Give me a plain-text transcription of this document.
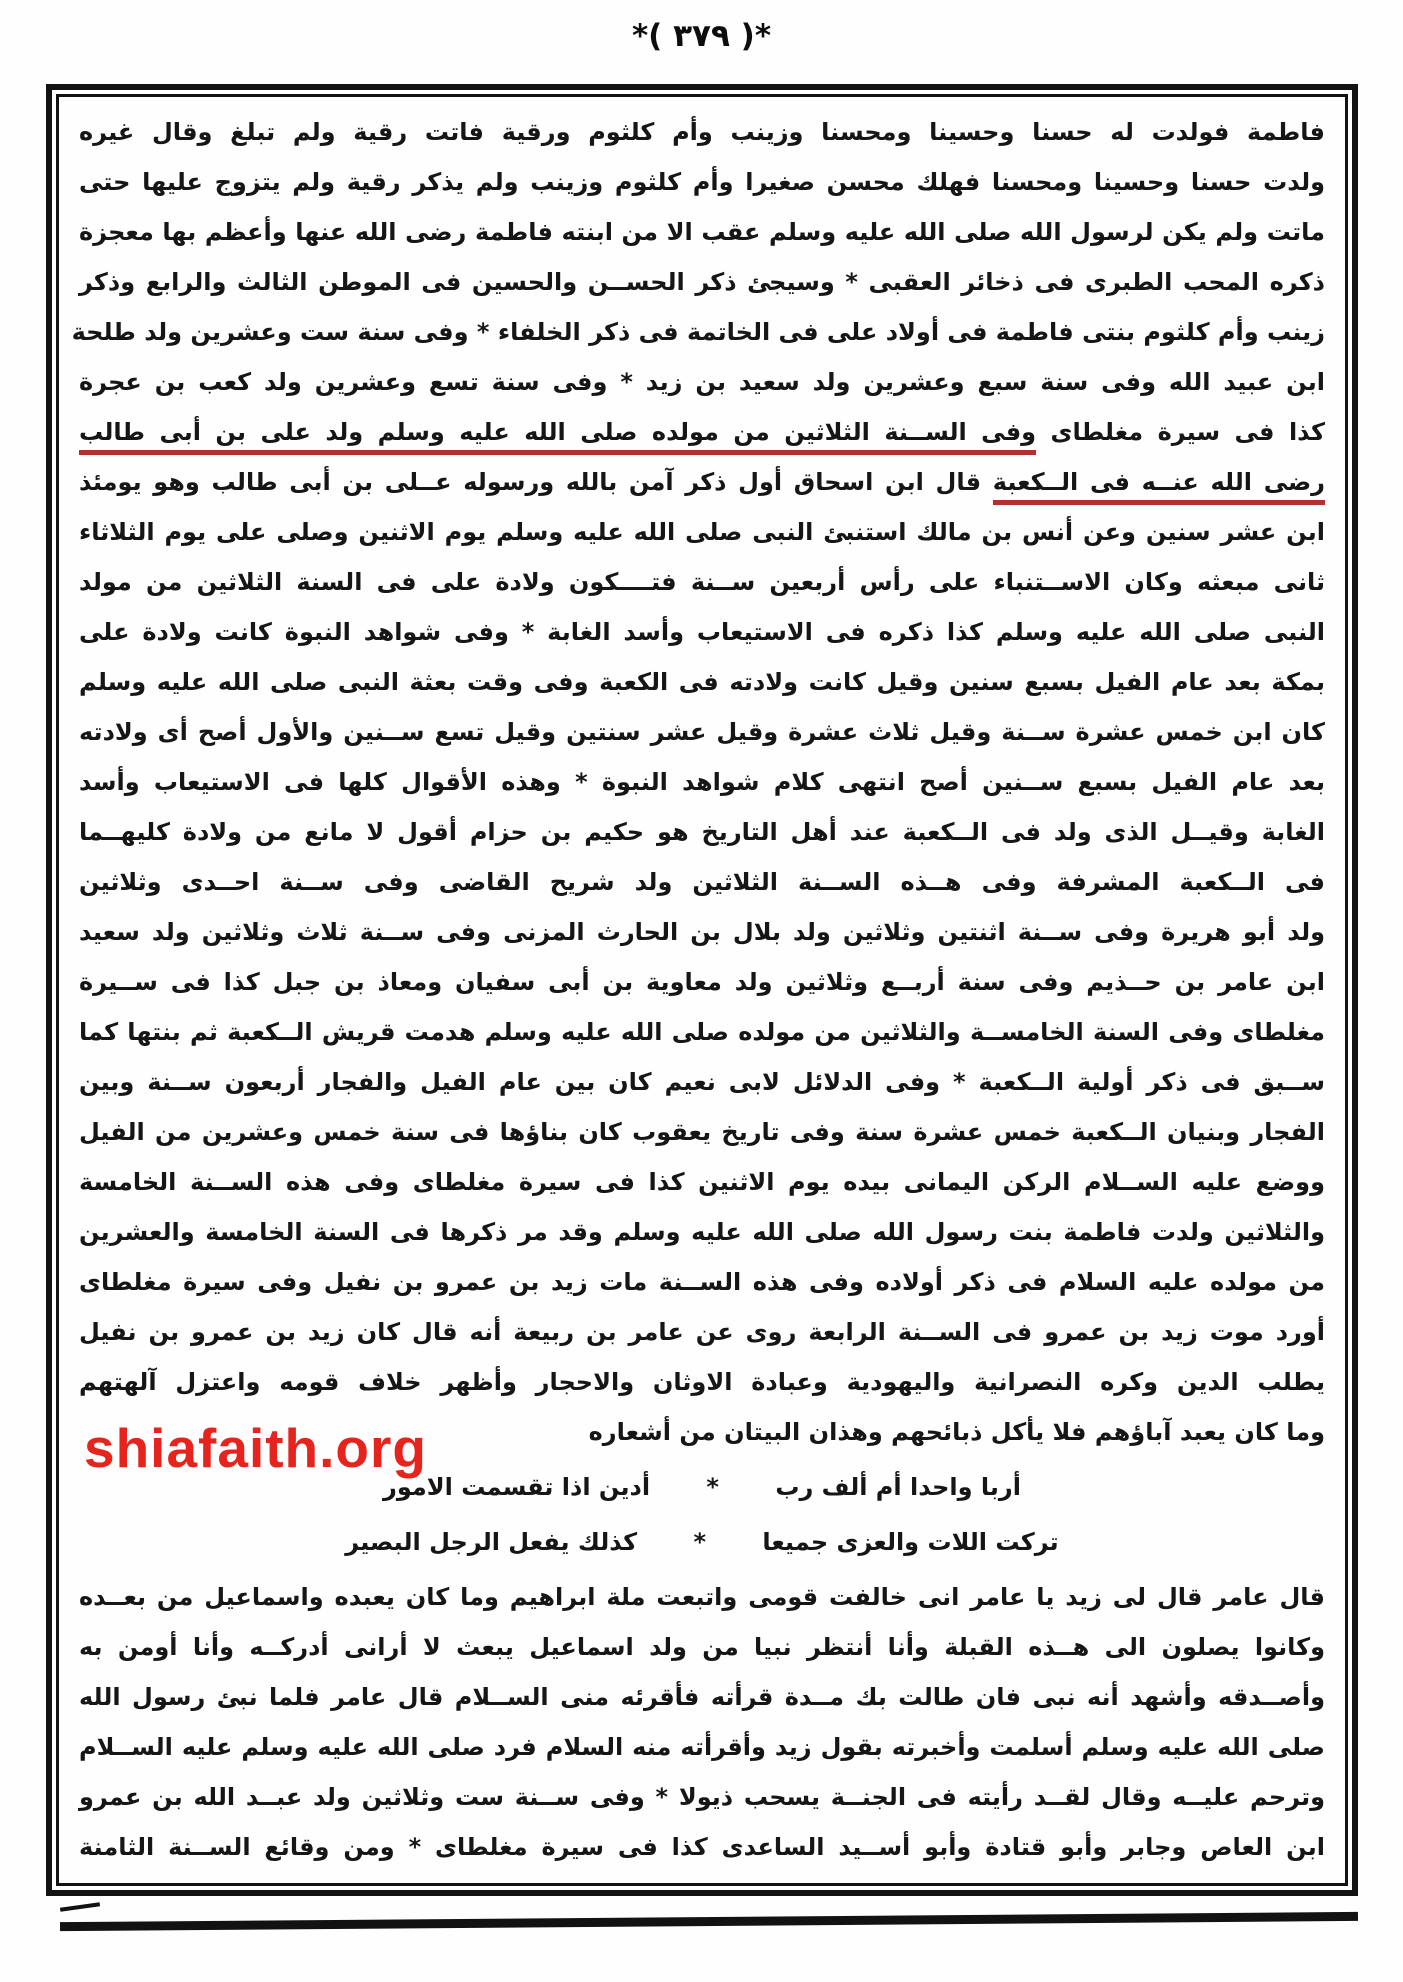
*( ٣٧٩ )*
فاطمة فولدت له حسنا وحسينا ومحسنا وزينب وأم كلثوم ورقية فاتت رقية ولم تبلغ وقال غيره
ولدت حسنا وحسينا ومحسنا فهلك محسن صغيرا وأم كلثوم وزينب ولم يذكر رقية ولم يتزوج عليها حتى
ماتت ولم يكن لرسول الله صلى الله عليه وسلم عقب الا من ابنته فاطمة رضى الله عنها وأعظم بها معجزة
ذكره المحب الطبرى فى ذخائر العقبى * وسيجئ ذكر الحســن والحسين فى الموطن الثالث والرابع وذكر
زينب وأم كلثوم بنتى فاطمة فى أولاد على فى الخاتمة فى ذكر الخلفاء * وفى سنة ست وعشرين ولد طلحة
ابن عبيد الله وفى سنة سبع وعشرين ولد سعيد بن زيد * وفى سنة تسع وعشرين ولد كعب بن عجرة
كذا فى سيرة مغلطاى وفى الســنة الثلاثين من مولده صلى الله عليه وسلم ولد على بن أبى طالب
رضى الله عنــه فى الــكعبة قال ابن اسحاق أول ذكر آمن بالله ورسوله عــلى بن أبى طالب وهو يومئذ
ابن عشر سنين وعن أنس بن مالك استنبئ النبى صلى الله عليه وسلم يوم الاثنين وصلى على يوم الثلاثاء
ثانى مبعثه وكان الاســتنباء على رأس أربعين ســنة فتــــكون ولادة على فى السنة الثلاثين من مولد
النبى صلى الله عليه وسلم كذا ذكره فى الاستيعاب وأسد الغابة * وفى شواهد النبوة كانت ولادة على
بمكة بعد عام الفيل بسبع سنين وقيل كانت ولادته فى الكعبة وفى وقت بعثة النبى صلى الله عليه وسلم
كان ابن خمس عشرة ســنة وقيل ثلاث عشرة وقيل عشر سنتين وقيل تسع ســنين والأول أصح أى ولادته
بعد عام الفيل بسبع ســنين أصح انتهى كلام شواهد النبوة * وهذه الأقوال كلها فى الاستيعاب وأسد
الغابة وقيــل الذى ولد فى الــكعبة عند أهل التاريخ هو حكيم بن حزام أقول لا مانع من ولادة كليهــما
فى الــكعبة المشرفة وفى هــذه الســنة الثلاثين ولد شريح القاضى وفى ســنة احــدى وثلاثين
ولد أبو هريرة وفى ســنة اثنتين وثلاثين ولد بلال بن الحارث المزنى وفى ســنة ثلاث وثلاثين ولد سعيد
ابن عامر بن حــذيم وفى سنة أربــع وثلاثين ولد معاوية بن أبى سفيان ومعاذ بن جبل كذا فى ســيرة
مغلطاى وفى السنة الخامســة والثلاثين من مولده صلى الله عليه وسلم هدمت قريش الــكعبة ثم بنتها كما
ســبق فى ذكر أولية الــكعبة * وفى الدلائل لابى نعيم كان بين عام الفيل والفجار أربعون ســنة وبين
الفجار وبنيان الــكعبة خمس عشرة سنة وفى تاريخ يعقوب كان بناؤها فى سنة خمس وعشرين من الفيل
ووضع عليه الســلام الركن اليمانى بيده يوم الاثنين كذا فى سيرة مغلطاى وفى هذه الســنة الخامسة
والثلاثين ولدت فاطمة بنت رسول الله صلى الله عليه وسلم وقد مر ذكرها فى السنة الخامسة والعشرين
من مولده عليه السلام فى ذكر أولاده وفى هذه الســنة مات زيد بن عمرو بن نفيل وفى سيرة مغلطاى
أورد موت زيد بن عمرو فى الســنة الرابعة روى عن عامر بن ربيعة أنه قال كان زيد بن عمرو بن نفيل
يطلب الدين وكره النصرانية واليهودية وعبادة الاوثان والاحجار وأظهر خلاف قومه واعتزل آلهتهم
وما كان يعبد آباؤهم فلا يأكل ذبائحهم وهذان البيتان من أشعاره
أربا واحدا أم ألف رب * أدين اذا تقسمت الامور
تركت اللات والعزى جميعا * كذلك يفعل الرجل البصير
قال عامر قال لى زيد يا عامر انى خالفت قومى واتبعت ملة ابراهيم وما كان يعبده واسماعيل من بعــده
وكانوا يصلون الى هــذه القبلة وأنا أنتظر نبيا من ولد اسماعيل يبعث لا أرانى أدركــه وأنا أومن به
وأصــدقه وأشهد أنه نبى فان طالت بك مــدة قرأته فأقرئه منى الســلام قال عامر فلما نبئ رسول الله
صلى الله عليه وسلم أسلمت وأخبرته بقول زيد وأقرأته منه السلام فرد صلى الله عليه وسلم عليه الســلام
وترحم عليــه وقال لقــد رأيته فى الجنــة يسحب ذيولا * وفى ســنة ست وثلاثين ولد عبــد الله بن عمرو
ابن العاص وجابر وأبو قتادة وأبو أســيد الساعدى كذا فى سيرة مغلطاى * ومن وقائع الســنة الثامنة
shiafaith.org
